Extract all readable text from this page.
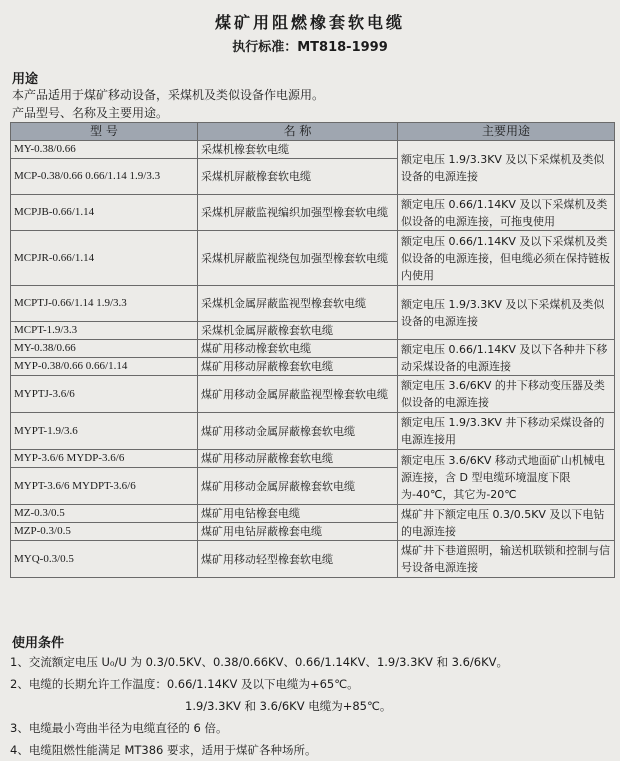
煤矿用阻燃橡套软电缆
执行标准：MT818-1999
用途
本产品适用于煤矿移动设备，采煤机及类似设备作电源用。
产品型号、名称及主要用途。
型 号	名 称	主要用途
MY-0.38/0.66	采煤机橡套软电缆	额定电压 1.9/3.3KV 及以下采煤机及类似设备的电源连接
MCP-0.38/0.66 0.66/1.14 1.9/3.3	采煤机屏蔽橡套软电缆	
MCPJB-0.66/1.14	采煤机屏蔽监视编织加强型橡套软电缆	额定电压 0.66/1.14KV 及以下采煤机及类似设备的电源连接，可拖曳使用
MCPJR-0.66/1.14	采煤机屏蔽监视绕包加强型橡套软电缆	额定电压 0.66/1.14KV 及以下采煤机及类似设备的电源连接，但电缆必须在保持链板内使用
MCPTJ-0.66/1.14 1.9/3.3	采煤机金属屏蔽监视型橡套软电缆	额定电压 1.9/3.3KV 及以下采煤机及类似设备的电源连接
MCPT-1.9/3.3	采煤机金属屏蔽橡套软电缆	
MY-0.38/0.66	煤矿用移动橡套软电缆	额定电压 0.66/1.14KV 及以下各种井下移动采煤设备的电源连接
MYP-0.38/0.66 0.66/1.14	煤矿用移动屏蔽橡套软电缆	
MYPTJ-3.6/6	煤矿用移动金属屏蔽监视型橡套软电缆	额定电压 3.6/6KV 的井下移动变压器及类似设备的电源连接
MYPT-1.9/3.6	煤矿用移动金属屏蔽橡套软电缆	额定电压 1.9/3.3KV 井下移动采煤设备的电源连接用
MYP-3.6/6 MYDP-3.6/6	煤矿用移动屏蔽橡套软电缆	额定电压 3.6/6KV 移动式地面矿山机械电源连接，含 D 型电缆环境温度下限为-40℃，其它为-20℃
MYPT-3.6/6 MYDPT-3.6/6	煤矿用移动金属屏蔽橡套软电缆	
MZ-0.3/0.5	煤矿用电钻橡套电缆	煤矿井下额定电压 0.3/0.5KV 及以下电钻的电源连接
MZP-0.3/0.5	煤矿用电钻屏蔽橡套电缆	
MYQ-0.3/0.5	煤矿用移动轻型橡套软电缆	煤矿井下巷道照明，输送机联锁和控制与信号设备电源连接
使用条件
1、交流额定电压 U₀/U 为 0.3/0.5KV、0.38/0.66KV、0.66/1.14KV、1.9/3.3KV 和 3.6/6KV。
2、电缆的长期允许工作温度：0.66/1.14KV 及以下电缆为+65℃。
1.9/3.3KV 和 3.6/6KV 电缆为+85℃。
3、电缆最小弯曲半径为电缆直径的 6 倍。
4、电缆阻燃性能满足 MT386 要求，适用于煤矿各种场所。
